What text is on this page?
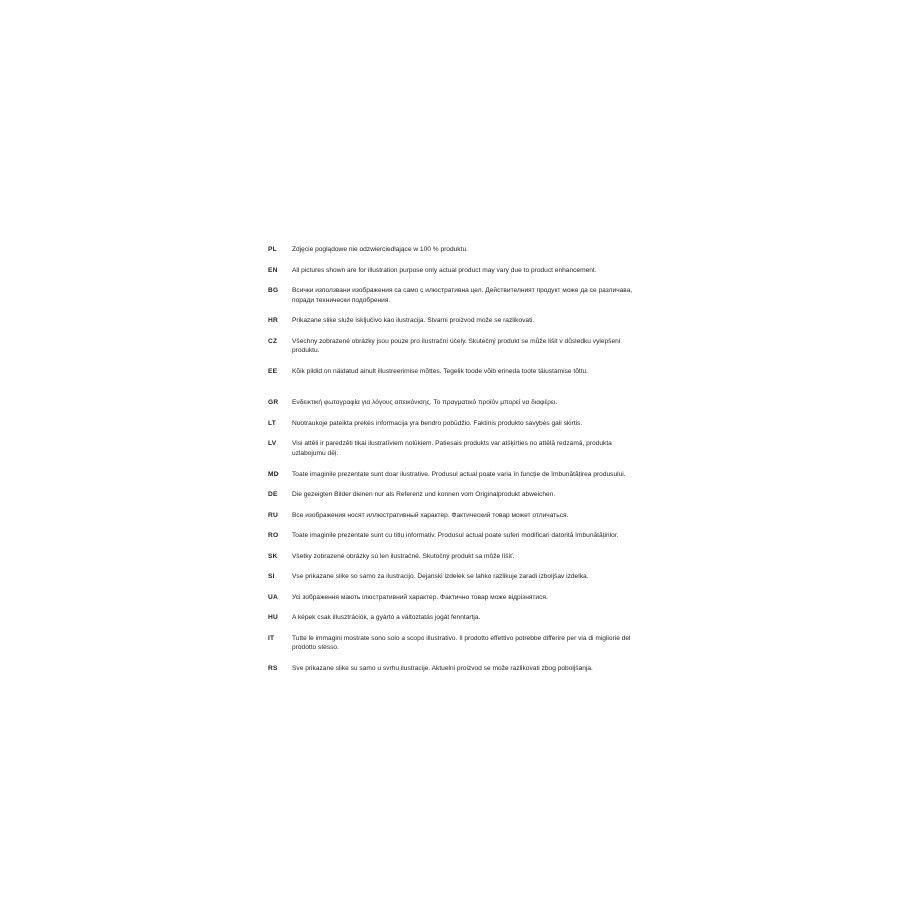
PL	Zdjęcie poglądowe nie odzwierciedlające w 100 % produktu.
EN	All pictures shown are for illustration purpose only actual product may vary due to product enhancement.
BG	Всички използвани изображения са само с илюстративна цел. Действителният продукт може да се различава, поради технически подобрения.
HR	Prikazane slike služe isključivo kao ilustracija. Stvarni proizvod može se razlikovati.
CZ	Všechny zobrazené obrázky jsou pouze pro ilustrační účely. Skutečný produkt se může lišit v důsledku vylepšení produktu.
EE	Kõik pildid on näidatud ainult illustreerimise mõttes. Tegelik toode võib erineda toote täiustamise tõttu.
GR	Ενδεικτική φωτογραφία για λόγους απεικόνισης. Το πραγματικό προϊόν μπορεί να διαφέρει.
LT	Nuotraukoje pateikta prekės informacija yra bendro pobūdžio. Faktinis produkto savybės gali skirtis.
LV	Visi attēli ir paredzēti tikai ilustratīviem nolūkiem. Patiesais produkts var atšķirties no attēlā redzamā, produkta uzlabojumu dēļ.
MD	Toate imaginile prezentate sunt doar ilustrative. Produsul actual poate varia în funcție de îmbunătățirea produsului.
DE	Die gezeigten Bilder dienen nur als Referenz und konnen vom Originalprodukt abweichen.
RU	Все изображения носят иллюстративный характер. Фактический товар может отличаться.
RO	Toate imaginile prezentate sunt cu titlu informativ. Produsul actual poate suferi modificari datorită îmbunătățirilor.
SK	Všetky zobrazené obrázky sú len ilustračné. Skutočný produkt sa môže líšiť.
SI	Vse prikazane slike so samo za ilustracijo. Dejanski izdelek se lahko razlikuje zaradi izboljšav izdelka.
UA	Усі зображення мають ілюстративний характер. Фактично товар може відрізнятися.
HU	A képek csak illusztrációk, a gyártó a változtatás jogát fenntartja.
IT	Tutte le immagini mostrate sono solo a scopo illustrativo. Il prodotto effettivo potrebbe differire per via di migliorie del prodotto stesso.
RS	Sve prikazane slike su samo u svrhu ilustracije. Aktuelni proizvod se može razlikovati zbog poboljšanja.
